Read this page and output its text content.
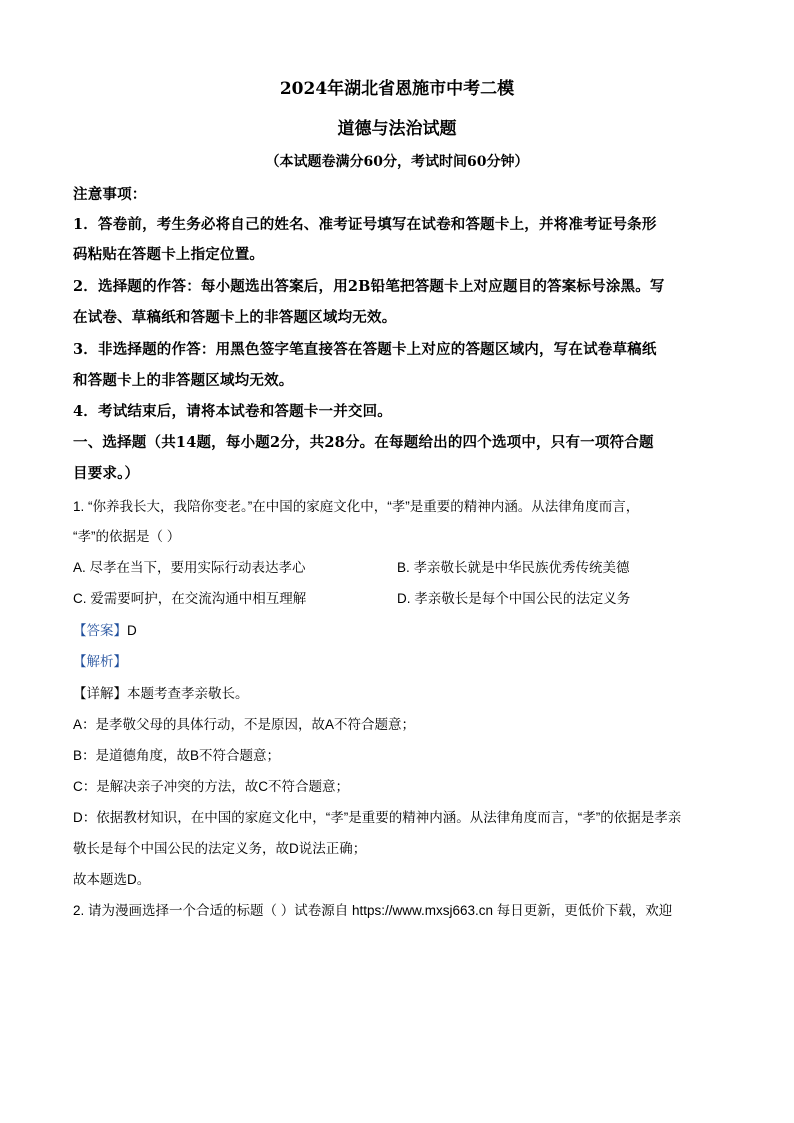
2024年湖北省恩施市中考二模
道德与法治试题
（本试题卷满分60分，考试时间60分钟）
注意事项：
1．答卷前，考生务必将自己的姓名、准考证号填写在试卷和答题卡上，并将准考证号条形
码粘贴在答题卡上指定位置。
2．选择题的作答：每小题选出答案后，用2B铅笔把答题卡上对应题目的答案标号涂黑。写
在试卷、草稿纸和答题卡上的非答题区域均无效。
3．非选择题的作答：用黑色签字笔直接答在答题卡上对应的答题区域内，写在试卷草稿纸
和答题卡上的非答题区域均无效。
4．考试结束后，请将本试卷和答题卡一并交回。
一、选择题（共14题，每小题2分，共28分。在每题给出的四个选项中，只有一项符合题
目要求。）
1. “你养我长大，我陪你变老。”在中国的家庭文化中，“孝”是重要的精神内涵。从法律角度而言，
“孝”的依据是（ ）
A. 尽孝在当下，要用实际行动表达孝心	B. 孝亲敬长就是中华民族优秀传统美德
C. 爱需要呵护，在交流沟通中相互理解	D. 孝亲敬长是每个中国公民的法定义务
【答案】D
【解析】
【详解】本题考查孝亲敬长。
A：是孝敬父母的具体行动，不是原因，故A不符合题意；
B：是道德角度，故B不符合题意；
C：是解决亲子冲突的方法，故C不符合题意；
D：依据教材知识，在中国的家庭文化中，“孝”是重要的精神内涵。从法律角度而言，“孝”的依据是孝亲
敬长是每个中国公民的法定义务，故D说法正确；
故本题选D。
2. 请为漫画选择一个合适的标题（ ）试卷源自 https://www.mxsj663.cn 每日更新，更低价下载，欢迎
